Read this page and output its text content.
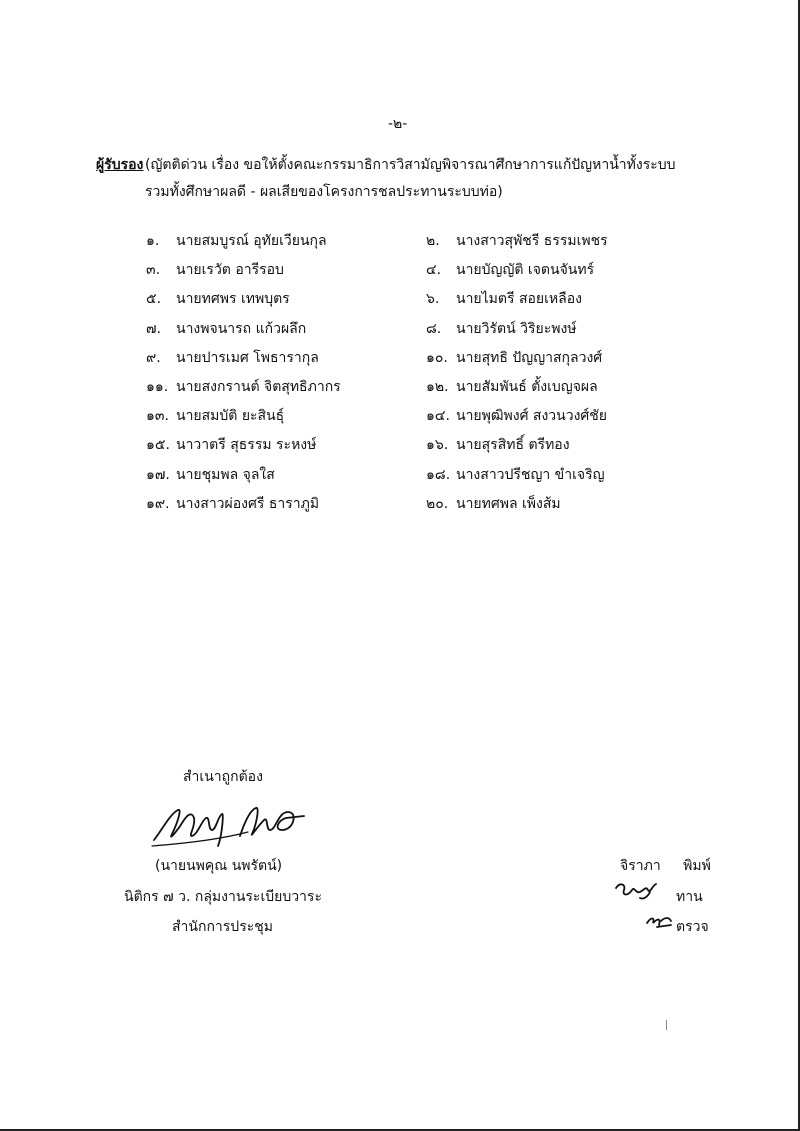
-๒-
ผู้รับรอง (ญัตติด่วน เรื่อง ขอให้ตั้งคณะกรรมาธิการวิสามัญพิจารณาศึกษาการแก้ปัญหาน้ำทั้งระบบ
รวมทั้งศึกษาผลดี - ผลเสียของโครงการชลประทานระบบท่อ)
๑. นายสมบูรณ์ อุทัยเวียนกุล
๓. นายเรวัต อารีรอบ
๕. นายทศพร เทพบุตร
๗. นางพจนารถ แก้วผลึก
๙. นายปารเมศ โพธารากุล
๑๑. นายสงกรานต์ จิตสุทธิภากร
๑๓. นายสมบัติ ยะสินธุ์
๑๕. นาวาตรี สุธรรม ระหงษ์
๑๗. นายชุมพล จุลใส
๑๙. นางสาวผ่องศรี ธาราภูมิ
๒. นางสาวสุพัชรี ธรรมเพชร
๔. นายบัญญัติ เจตนจันทร์
๖. นายไมตรี สอยเหลือง
๘. นายวิรัตน์ วิริยะพงษ์
๑๐. นายสุทธิ ปัญญาสกุลวงศ์
๑๒. นายสัมพันธ์ ตั้งเบญจผล
๑๔. นายพุฒิพงศ์ สงวนวงศ์ชัย
๑๖. นายสุรสิทธิ์ ตรีทอง
๑๘. นางสาวปรีชญา ขำเจริญ
๒๐. นายทศพล เพ็งส้ม
สำเนาถูกต้อง
(นายนพคุณ นพรัตน์)
นิติกร ๗ ว. กลุ่มงานระเบียบวาระ
สำนักการประชุม
จิราภา พิมพ์
ทาน
ตรวจ
